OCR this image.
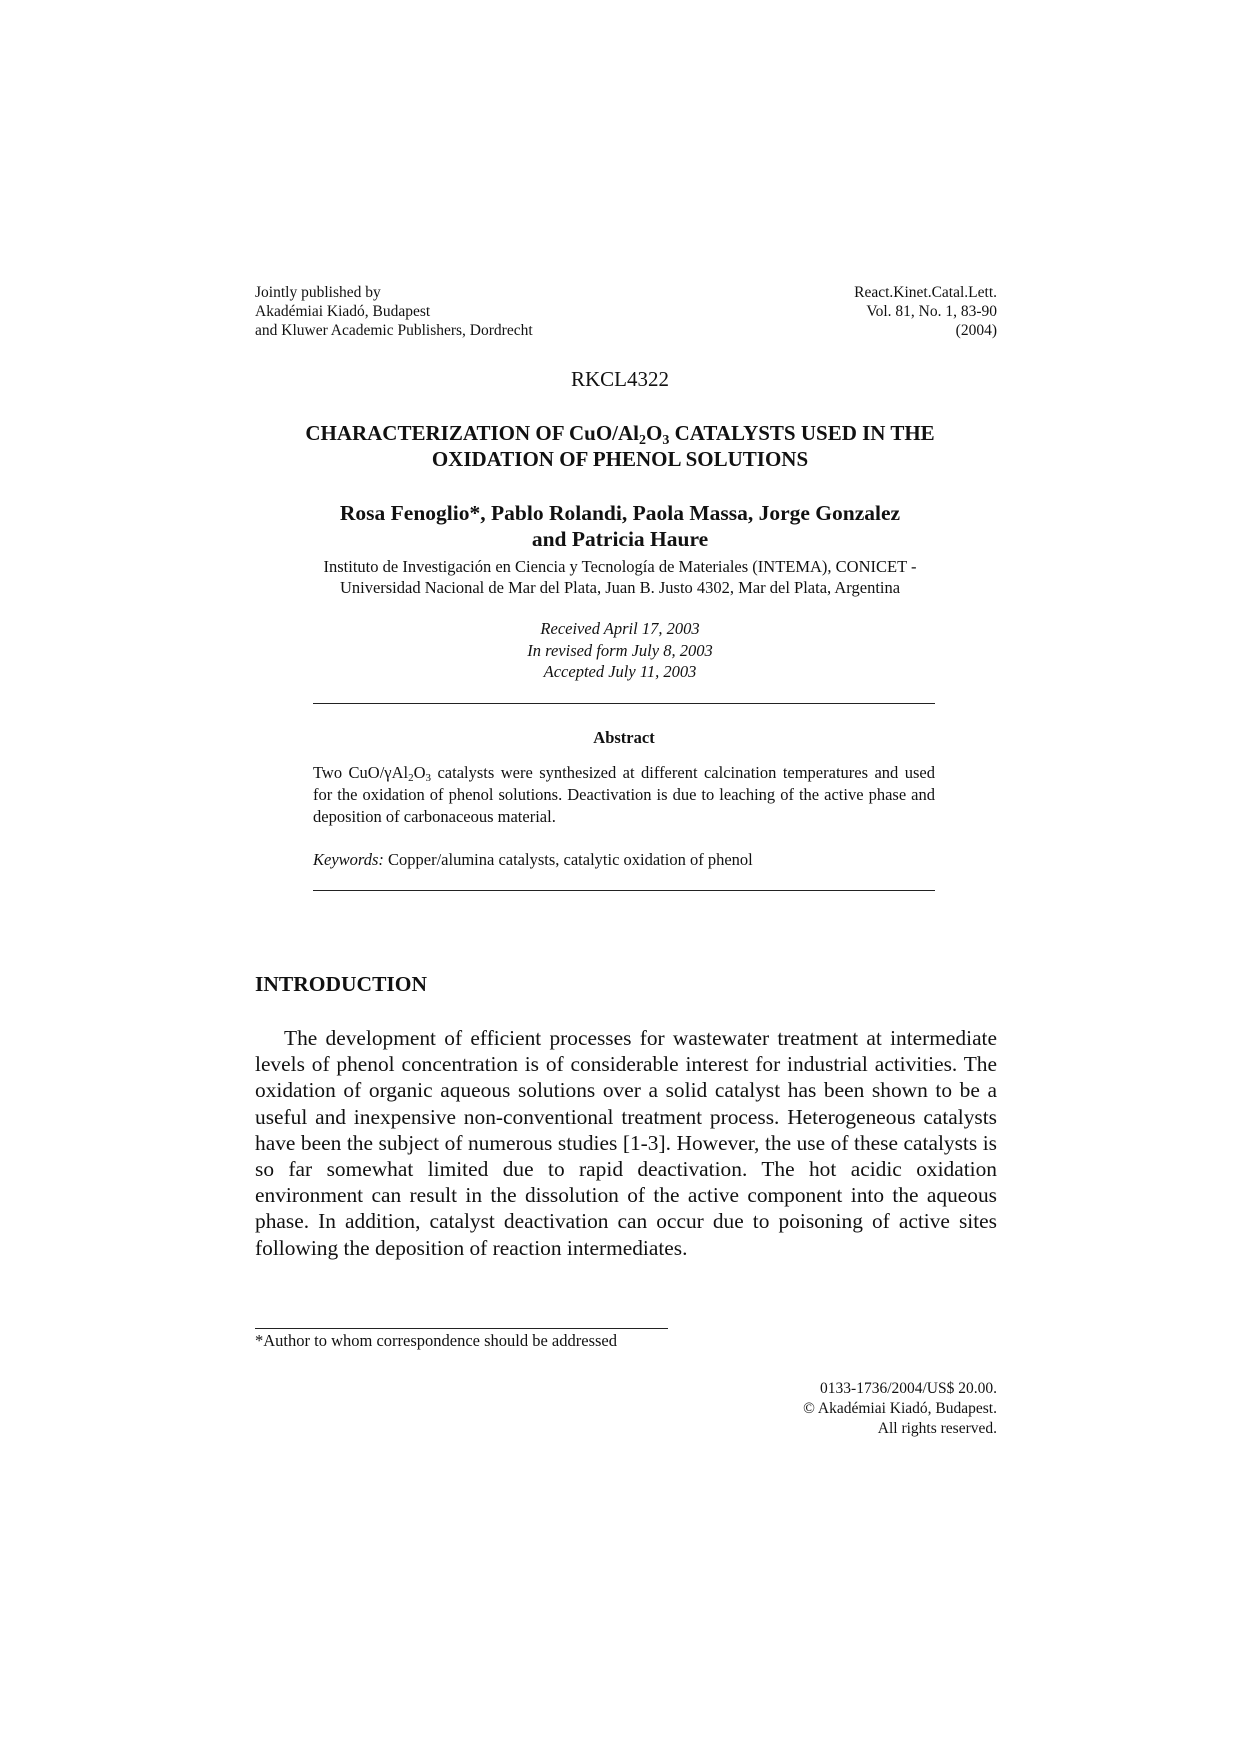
Jointly published by
Akadémiai Kiadó, Budapest
and Kluwer Academic Publishers, Dordrecht
React.Kinet.Catal.Lett.
Vol. 81, No. 1, 83-90
(2004)
RKCL4322
CHARACTERIZATION OF CuO/$Al_2O_3$ CATALYSTS USED IN THE
OXIDATION OF PHENOL SOLUTIONS
Rosa Fenoglio*, Pablo Rolandi, Paola Massa, Jorge Gonzalez
and Patricia Haure
Instituto de Investigación en Ciencia y Tecnología de Materiales (INTEMA), CONICET -
Universidad Nacional de Mar del Plata, Juan B. Justo 4302, Mar del Plata, Argentina
Received April 17, 2003
In revised form July 8, 2003
Accepted July 11, 2003
Abstract

Two CuO/$\gamma Al_2O_3$ catalysts were synthesized at different calcination temperatures and used for the oxidation of phenol solutions. Deactivation is due to leaching of the active phase and deposition of carbonaceous material.

Keywords: Copper/alumina catalysts, catalytic oxidation of phenol
INTRODUCTION

The development of efficient processes for wastewater treatment at intermediate levels of phenol concentration is of considerable interest for industrial activities. The oxidation of organic aqueous solutions over a solid catalyst has been shown to be a useful and inexpensive non-conventional treatment process. Heterogeneous catalysts have been the subject of numerous studies [1-3]. However, the use of these catalysts is so far somewhat limited due to rapid deactivation. The hot acidic oxidation environment can result in the dissolution of the active component into the aqueous phase. In addition, catalyst deactivation can occur due to poisoning of active sites following the deposition of reaction intermediates.

*Author to whom correspondence should be addressed
0133-1736/2004/US$ 20.00.
© Akadémiai Kiadó, Budapest.
All rights reserved.
